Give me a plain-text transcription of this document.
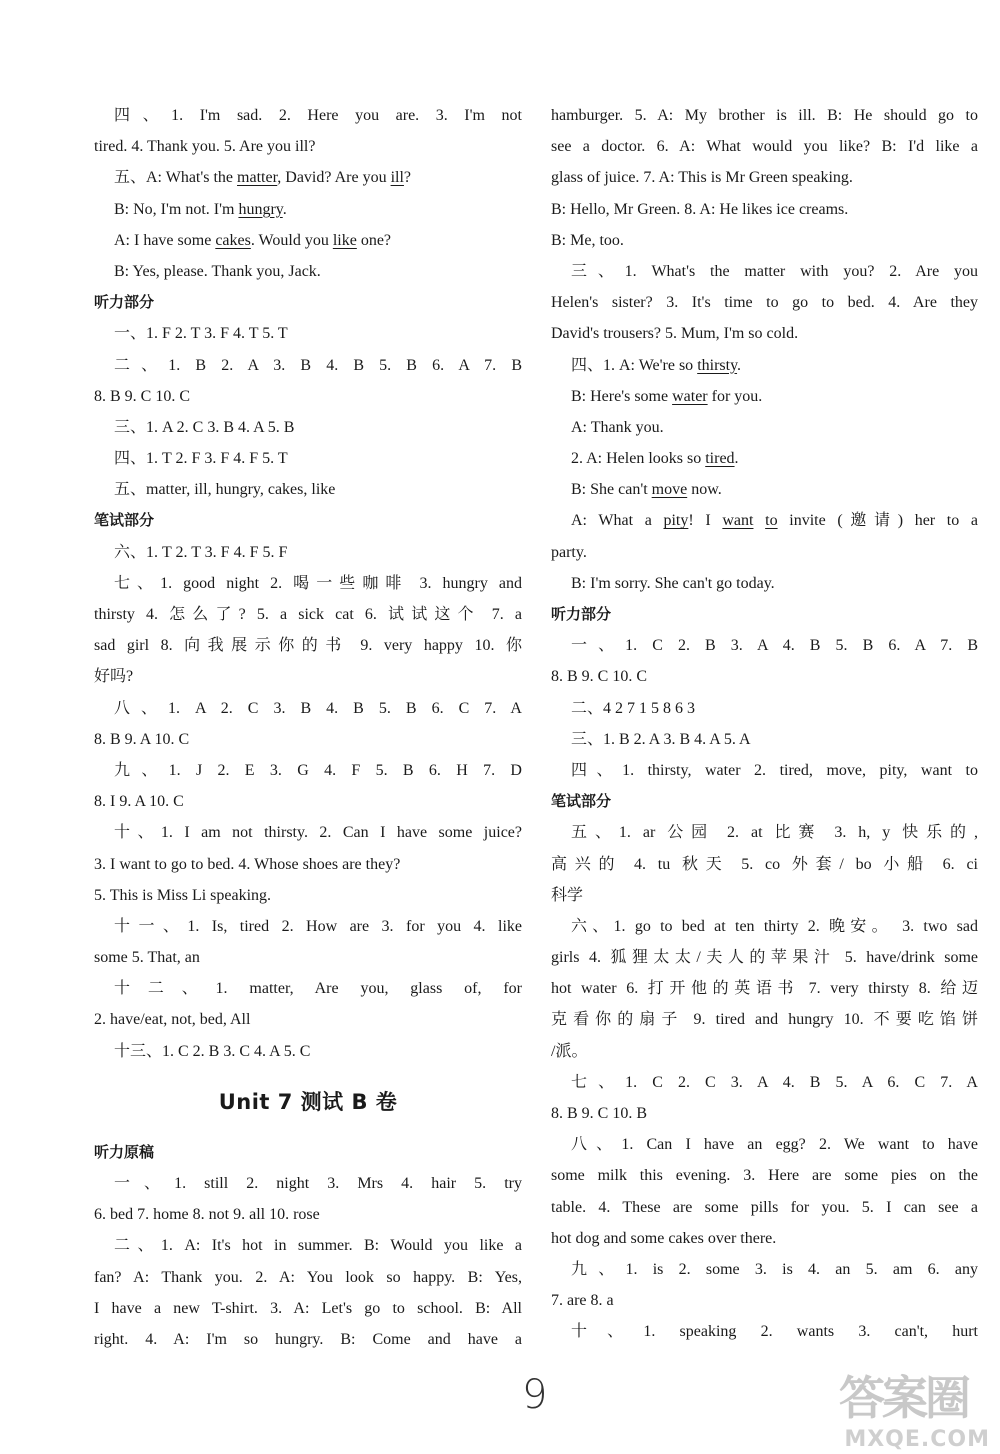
四、1. I'm sad. 2. Here you are. 3. I'm not
tired. 4. Thank you. 5. Are you ill?
五、A: What's the matter, David? Are you ill?
B: No, I'm not. I'm hungry.
A: I have some cakes. Would you like one?
B: Yes, please. Thank you, Jack.
听力部分
一、1. F 2. T 3. F 4. T 5. T
二、1. B 2. A 3. B 4. B 5. B 6. A 7. B
8. B 9. C 10. C
三、1. A 2. C 3. B 4. A 5. B
四、1. T 2. F 3. F 4. F 5. T
五、matter, ill, hungry, cakes, like
笔试部分
六、1. T 2. T 3. F 4. F 5. F
七、1. good night 2. 喝一些咖啡 3. hungry and
thirsty 4. 怎么了? 5. a sick cat 6. 试试这个 7. a
sad girl 8. 向我展示你的书 9. very happy 10. 你
好吗?
八、1. A 2. C 3. B 4. B 5. B 6. C 7. A
8. B 9. A 10. C
九、1. J 2. E 3. G 4. F 5. B 6. H 7. D
8. I 9. A 10. C
十、1. I am not thirsty. 2. Can I have some juice?
3. I want to go to bed. 4. Whose shoes are they?
5. This is Miss Li speaking.
十一、1. Is, tired 2. How are 3. for you 4. like
some 5. That, an
十二、1. matter, Are you, glass of, for
2. have/eat, not, bed, All
十三、1. C 2. B 3. C 4. A 5. C
Unit 7 测试 B 卷
听力原稿
一、1. still 2. night 3. Mrs 4. hair 5. try
6. bed 7. home 8. not 9. all 10. rose
二、1. A: It's hot in summer. B: Would you like a
fan? A: Thank you. 2. A: You look so happy. B: Yes,
I have a new T-shirt. 3. A: Let's go to school. B: All
right. 4. A: I'm so hungry. B: Come and have a
hamburger. 5. A: My brother is ill. B: He should go to
see a doctor. 6. A: What would you like? B: I'd like a
glass of juice. 7. A: This is Mr Green speaking.
B: Hello, Mr Green. 8. A: He likes ice creams.
B: Me, too.
三、1. What's the matter with you? 2. Are you
Helen's sister? 3. It's time to go to bed. 4. Are they
David's trousers? 5. Mum, I'm so cold.
四、1. A: We're so thirsty.
B: Here's some water for you.
A: Thank you.
2. A: Helen looks so tired.
B: She can't move now.
A: What a pity! I want to invite (邀请) her to a
party.
B: I'm sorry. She can't go today.
听力部分
一、1. C 2. B 3. A 4. B 5. B 6. A 7. B
8. B 9. C 10. C
二、4 2 7 1 5 8 6 3
三、1. B 2. A 3. B 4. A 5. A
四、1. thirsty, water 2. tired, move, pity, want to
笔试部分
五、1. ar 公园 2. at 比赛 3. h, y 快乐的,
高兴的 4. tu 秋天 5. co 外套/ bo 小船 6. ci
科学
六、1. go to bed at ten thirty 2. 晚安。 3. two sad
girls 4. 狐狸太太/夫人的苹果汁 5. have/drink some
hot water 6. 打开他的英语书 7. very thirsty 8. 给迈
克看你的扇子 9. tired and hungry 10. 不要吃馅饼
/派。
七、1. C 2. C 3. A 4. B 5. A 6. C 7. A
8. B 9. C 10. B
八、1. Can I have an egg? 2. We want to have
some milk this evening. 3. Here are some pies on the
table. 4. These are some pills for you. 5. I can see a
hot dog and some cakes over there.
九、1. is 2. some 3. is 4. an 5. am 6. any
7. are 8. a
十、1. speaking 2. wants 3. can't, hurt
9	答案圈
MXQE.COM
